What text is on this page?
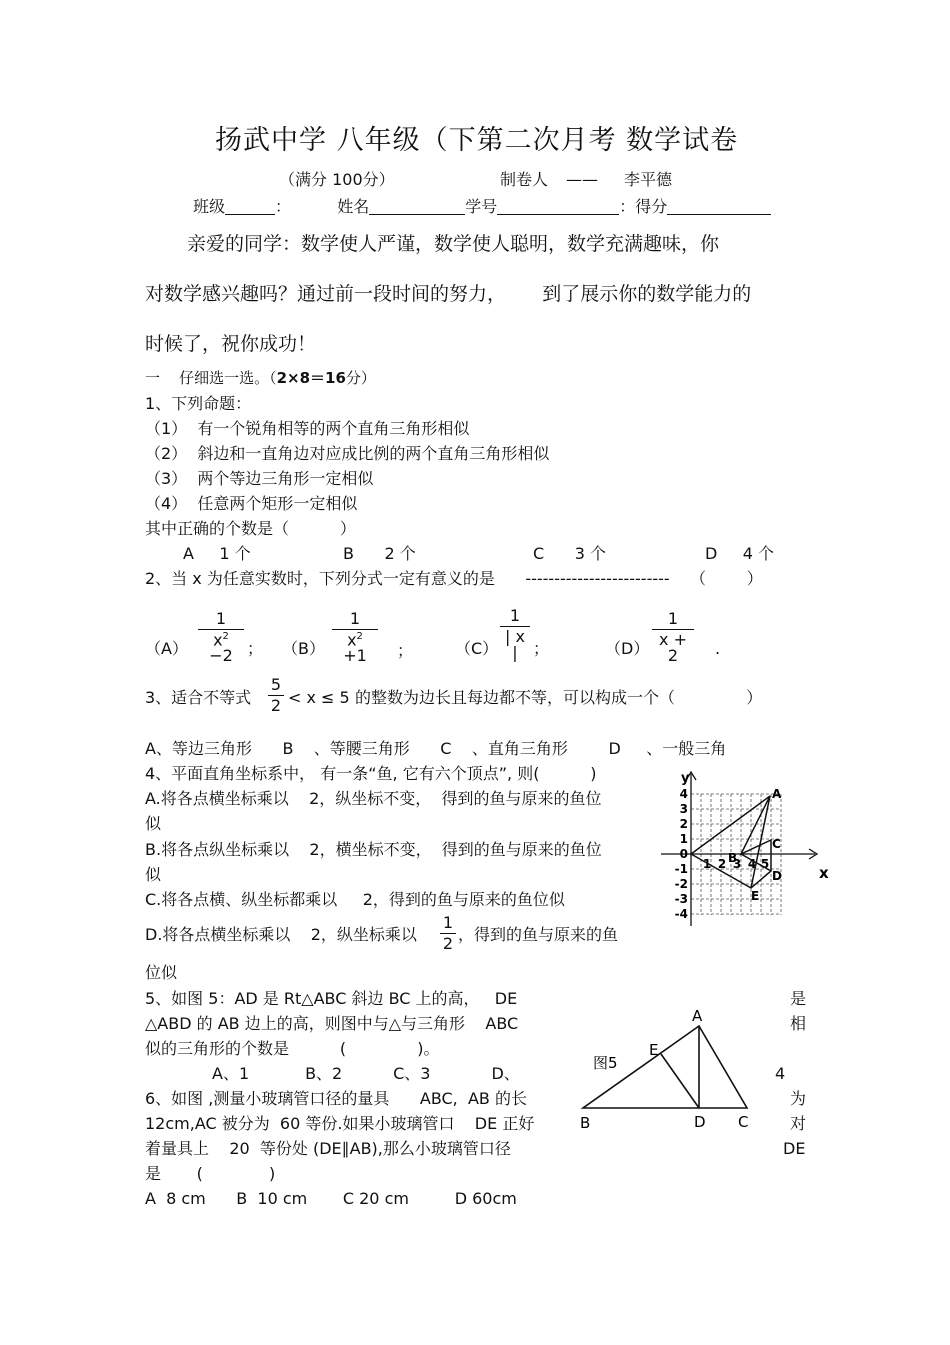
扬武中学 八年级（下第二次月考 数学试卷
（满分 100分）	制卷人 —— 李平德
班级	：	姓名	学号	：得分
亲爱的同学：数学使人严谨，数学使人聪明，数学充满趣味，你
对数学感兴趣吗？通过前一段时间的努力，      到了展示你的数学能力的
时候了，祝你成功！
一    仔细选一选。（2×8＝16分）
1、下列命题：
（1）  有一个锐角相等的两个直角三角形相似
（2）  斜边和一直角边对应成比例的两个直角三角形相似
（3）  两个等边三角形一定相似
（4）  任意两个矩形一定相似
其中正确的个数是（          ）
A     1 个	B      2 个	C      3 个	D     4 个
2、当 x 为任意实数时，下列分式一定有意义的是      -------------------------    （        ）
（A）
1
$x^2 -2$ ； （B）
1
$x^2 +1$	；	（C）
1
| x | ；	（D）
1
x + 2	.
3、适合不等式
5
2 < x ≤ 5 的整数为边长且每边都不等，可以构成一个（              ）
A、等边三角形      B    、等腰三角形      C    、直角三角形        D     、一般三角
4、平面直角坐标系中， 有一条“鱼, 它有六个顶点”, 则(          )
A.将各点横坐标乘以    2，纵坐标不变，  得到的鱼与原来的鱼位
似
B.将各点纵坐标乘以    2，横坐标不变，  得到的鱼与原来的鱼位
似
C.将各点横、纵坐标都乘以     2，得到的鱼与原来的鱼位似
D.将各点横坐标乘以    2，纵坐标乘以
1
2 ，得到的鱼与原来的鱼
位似
y
x
4
3
2
1
0
-1
-2
-3
-4
1 2 3 4 5
A
B
C
D
E
5、如图 5：AD 是 Rt△ABC 斜边 BC 上的高，   DE	是
△ABD 的 AB 边上的高，则图中与△与三角形    ABC	相
似的三角形的个数是          (              )。
A、1           B、2          C、3            D、	4
6、如图 ,测量小玻璃管口径的量具      ABC,  AB 的长	为
12cm,AC 被分为  60 等份.如果小玻璃管口    DE 正好	对
着量具上    20  等份处 (DE∥AB),那么小玻璃管口径	DE
是       (             )
A  8 cm      B  10 cm       C 20 cm         D 60cm
图5
A
E
B	D C
